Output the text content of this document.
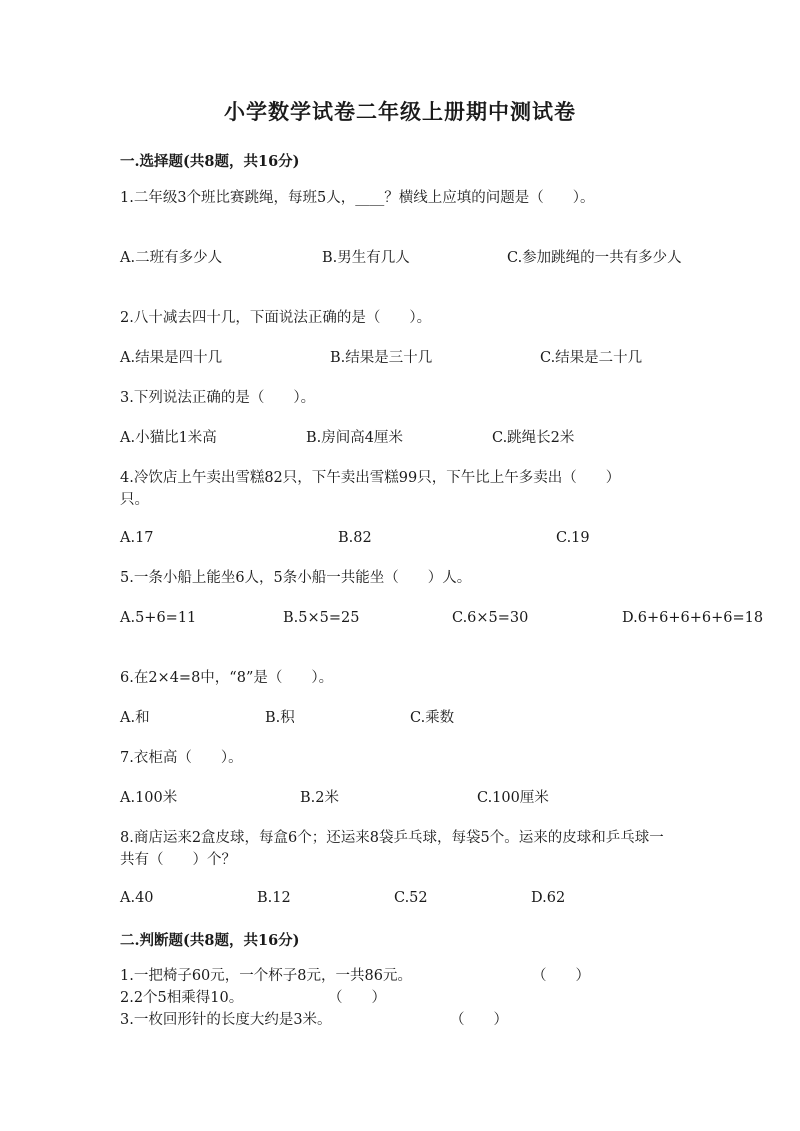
小学数学试卷二年级上册期中测试卷
一.选择题(共8题，共16分)
1.二年级3个班比赛跳绳，每班5人，____？横线上应填的问题是（　　）。
A.二班有多少人	B.男生有几人	C.参加跳绳的一共有多少人
2.八十减去四十几，下面说法正确的是（　　）。
A.结果是四十几	B.结果是三十几	C.结果是二十几
3.下列说法正确的是（　　）。
A.小猫比1米高	B.房间高4厘米	C.跳绳长2米
4.冷饮店上午卖出雪糕82只，下午卖出雪糕99只，下午比上午多卖出（　　）只。
A.17	B.82	C.19
5.一条小船上能坐6人，5条小船一共能坐（　　）人。
A.5+6=11	B.5×5=25	C.6×5=30	D.6+6+6+6+6=18
6.在2×4=8中，“8”是（　　）。
A.和	B.积	C.乘数
7.衣柜高（　　）。
A.100米	B.2米	C.100厘米
8.商店运来2盒皮球，每盒6个；还运来8袋乒乓球，每袋5个。运来的皮球和乒乓球一共有（　　）个？
A.40	B.12	C.52	D.62
二.判断题(共8题，共16分)
1.一把椅子60元，一个杯子8元，一共86元。	（　　）
2.2个5相乘得10。	（　　）
3.一枚回形针的长度大约是3米。	（　　）
